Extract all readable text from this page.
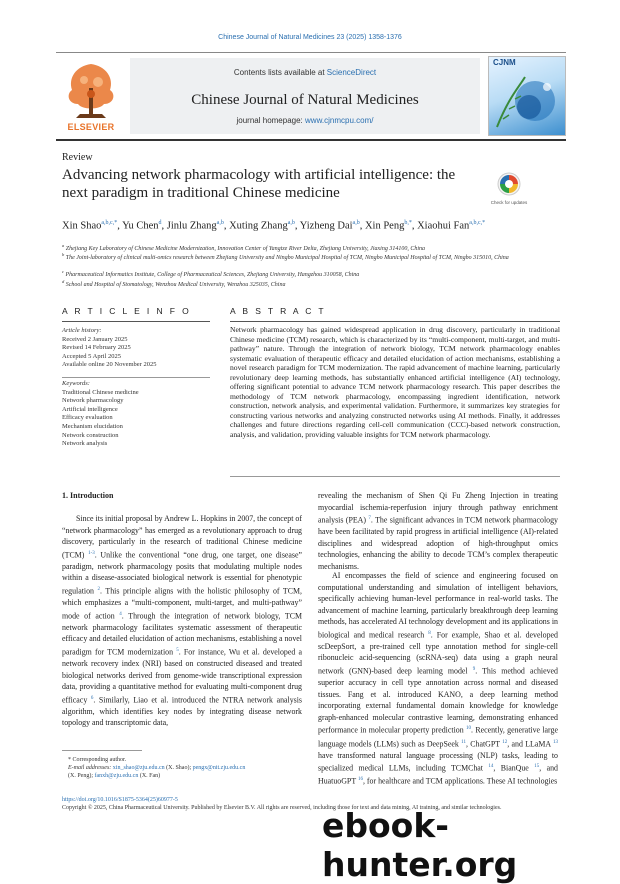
Chinese Journal of Natural Medicines 23 (2025) 1358-1376
ELSEVIER
Contents lists available at ScienceDirect
Chinese Journal of Natural Medicines
journal homepage: www.cjnmcpu.com/
CJNM
Review
Advancing network pharmacology with artificial intelligence: the next paradigm in traditional Chinese medicine
Check for updates
Xin Shao$^{a,b,c,*}$, Yu Chen$^d$, Jinlu Zhang$^{a,b}$, Xuting Zhang$^{a,b}$, Yizheng Dai$^{a,b}$, Xin Peng$^{b,*}$, Xiaohui Fan$^{a,b,c,*}$
$^a$ Zhejiang Key Laboratory of Chinese Medicine Modernization, Innovation Center of Yangtze River Delta, Zhejiang University, Jiaxing 314100, China
$^b$ The Joint-laboratory of clinical multi-omics research between Zhejiang University and Ningbo Municipal Hospital of TCM, Ningbo Municipal Hospital of TCM, Ningbo 315010, China
$^c$ Pharmaceutical Informatics Institute, College of Pharmaceutical Sciences, Zhejiang University, Hangzhou 310058, China
$^d$ School and Hospital of Stomatology, Wenzhou Medical University, Wenzhou 325035, China
A R T I C L E I N F O
Article history:
Received 2 January 2025
Revised 14 February 2025
Accepted 5 April 2025
Available online 20 November 2025
Keywords:
Traditional Chinese medicine
Network pharmacology
Artificial intelligence
Efficacy evaluation
Mechanism elucidation
Network construction
Network analysis
A B S T R A C T
Network pharmacology has gained widespread application in drug discovery, particularly in traditional Chinese medicine (TCM) research, which is characterized by its “multi-component, multi-target, and multi-pathway” nature. Through the integration of network biology, TCM network pharmacology enables systematic evaluation of therapeutic efficacy and detailed elucidation of action mechanisms, establishing a novel research paradigm for TCM modernization. The rapid advancement of machine learning, particularly revolutionary deep learning methods, has substantially enhanced artificial intelligence (AI) technology, offering significant potential to advance TCM network pharmacology research. This paper describes the methodology of TCM network pharmacology, encompassing ingredient identification, network construction, network analysis, and experimental validation. Furthermore, it summarizes key strategies for constructing various networks and analyzing constructed networks using AI methods. Finally, it addresses challenges and future directions regarding cell-cell communication (CCC)-based network construction, analysis, and validation, providing valuable insights for TCM network pharmacology.
1. Introduction
Since its initial proposal by Andrew L. Hopkins in 2007, the concept of “network pharmacology” has emerged as a revolutionary approach to drug discovery, particularly in the research of traditional Chinese medicine (TCM) $^{1-3}$. Unlike the conventional “one drug, one target, one disease” paradigm, network pharmacology posits that modulating multiple nodes within a disease-associated biological network is essential for phenotypic regulation $^2$. This principle aligns with the holistic philosophy of TCM, which emphasizes a “multi-component, multi-target, and multi-pathway” mode of action $^4$. Through the integration of network biology, TCM network pharmacology facilitates systematic assessment of therapeutic efficacy and detailed elucidation of action mechanisms, establishing a novel paradigm for TCM modernization $^5$. For instance, Wu et al. developed a network recovery index (NRI) based on constructed diseased and treated biological networks derived from genome-wide transcriptional expression data, providing a quantitative method for evaluating multi-component drug efficacy $^6$. Similarly, Liao et al. introduced the NTRA network analysis algorithm, which identifies key nodes by integrating disease network topology and transcriptomic data,
revealing the mechanism of Shen Qi Fu Zheng Injection in treating myocardial ischemia-reperfusion injury through pathway enrichment analysis (PEA) $^7$. The significant advances in TCM network pharmacology have been facilitated by rapid progress in artificial intelligence (AI)-related disciplines and widespread adoption of high-throughput omics technologies, enhancing the ability to decode TCM’s complex therapeutic mechanisms.
AI encompasses the field of science and engineering focused on computational understanding and simulation of intelligent behaviors, specifically achieving human-level performance in real-world tasks. The advancement of machine learning, particularly breakthrough deep learning methods, has accelerated AI technology development and its applications in biological and medical research $^8$. For example, Shao et al. developed scDeepSort, a pre-trained cell type annotation method for single-cell ribonucleic acid-sequencing (scRNA-seq) data using a graph neural network (GNN)-based deep learning model $^9$. This method achieved superior accuracy in cell type annotation across normal and diseased tissues. Fang et al. introduced KANO, a deep learning method incorporating external fundamental domain knowledge for knowledge graph-enhanced molecular contrastive learning, demonstrating enhanced performance in molecular property prediction $^{10}$. Recently, generative large language models (LLMs) such as DeepSeek $^{11}$, ChatGPT $^{12}$, and LLaMA $^{13}$ have transformed natural language processing (NLP) tasks, leading to specialized medical LLMs, including TCMChat $^{14}$, BianQue $^{15}$, and HuatuoGPT $^{16}$, for healthcare and TCM applications. These AI technologies
* Corresponding author.
E-mail addresses: xin_shao@zju.edu.cn (X. Shao); pengx@nit.zju.edu.cn
(X. Peng); fanxh@zju.edu.cn (X. Fan)
https://doi.org/10.1016/S1875-5364(25)60977-5
Copyright © 2025, China Pharmaceutical University. Published by Elsevier B.V. All rights are reserved, including those for text and data mining, AI training, and similar technologies.
ebook-hunter.org
